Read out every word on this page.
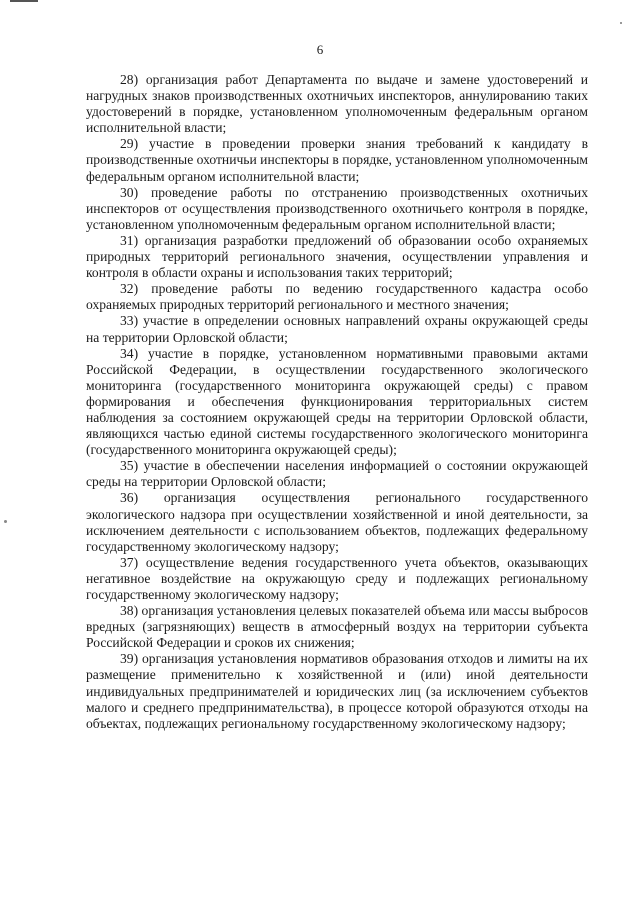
6

28) организация работ Департамента по выдаче и замене удостоверений и нагрудных знаков производственных охотничьих инспекторов, аннулированию таких удостоверений в порядке, установленном уполномоченным федеральным органом исполнительной власти;

29) участие в проведении проверки знания требований к кандидату в производственные охотничьи инспекторы в порядке, установленном уполномоченным федеральным органом исполнительной власти;

30) проведение работы по отстранению производственных охотничьих инспекторов от осуществления производственного охотничьего контроля в порядке, установленном уполномоченным федеральным органом исполнительной власти;

31) организация разработки предложений об образовании особо охраняемых природных территорий регионального значения, осуществлении управления и контроля в области охраны и использования таких территорий;

32) проведение работы по ведению государственного кадастра особо охраняемых природных территорий регионального и местного значения;

33) участие в определении основных направлений охраны окружающей среды на территории Орловской области;

34) участие в порядке, установленном нормативными правовыми актами Российской Федерации, в осуществлении государственного экологического мониторинга (государственного мониторинга окружающей среды) с правом формирования и обеспечения функционирования территориальных систем наблюдения за состоянием окружающей среды на территории Орловской области, являющихся частью единой системы государственного экологического мониторинга (государственного мониторинга окружающей среды);

35) участие в обеспечении населения информацией о состоянии окружающей среды на территории Орловской области;

36) организация осуществления регионального государственного экологического надзора при осуществлении хозяйственной и иной деятельности, за исключением деятельности с использованием объектов, подлежащих федеральному государственному экологическому надзору;

37) осуществление ведения государственного учета объектов, оказывающих негативное воздействие на окружающую среду и подлежащих региональному государственному экологическому надзору;

38) организация установления целевых показателей объема или массы выбросов вредных (загрязняющих) веществ в атмосферный воздух на территории субъекта Российской Федерации и сроков их снижения;

39) организация установления нормативов образования отходов и лимиты на их размещение применительно к хозяйственной и (или) иной деятельности индивидуальных предпринимателей и юридических лиц (за исключением субъектов малого и среднего предпринимательства), в процессе которой образуются отходы на объектах, подлежащих региональному государственному экологическому надзору;
